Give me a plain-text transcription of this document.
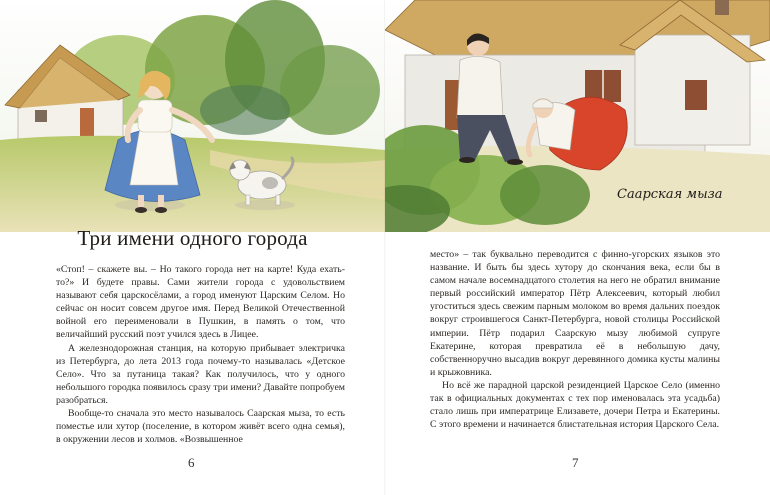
Три имени одного города

«Стоп! – скажете вы. – Но такого города нет на карте! Куда ехать-то?» И будете правы. Сами жители города с удовольствием называют себя царскосёлами, а город именуют Царским Селом. Но сейчас он носит совсем другое имя. Перед Великой Отечественной войной его переименовали в Пушкин, в память о том, что величайший русский поэт учился здесь в Лицее.

А железнодорожная станция, на которую прибывает электричка из Петербурга, до лета 2013 года почему-то называлась «Детское Село». Что за путаница такая? Как получилось, что у одного небольшого городка появилось сразу три имени? Давайте попробуем разобраться.

Вообще-то сначала это место называлось Саарская мыза, то есть поместье или хутор (поселение, в котором живёт всего одна семья), в окружении лесов и холмов. «Возвышенное

6
Саарская мыза

место» – так буквально переводится с финно-угорских языков это название. И быть бы здесь хутору до скончания века, если бы в самом начале восемнадцатого столетия на него не обратил внимание первый российский император Пётр Алексеевич, который любил угоститься здесь свежим парным молоком во время дальних поездок вокруг строившегося Санкт-Петербурга, новой столицы Российской империи. Пётр подарил Саарскую мызу любимой супруге Екатерине, которая превратила её в небольшую дачу, собственноручно высадив вокруг деревянного домика кусты малины и крыжовника.

Но всё же парадной царской резиденцией Царское Село (именно так в официальных документах с тех пор именовалась эта усадьба) стало лишь при императрице Елизавете, дочери Петра и Екатерины. С этого времени и начинается блистательная история Царского Села.

7
